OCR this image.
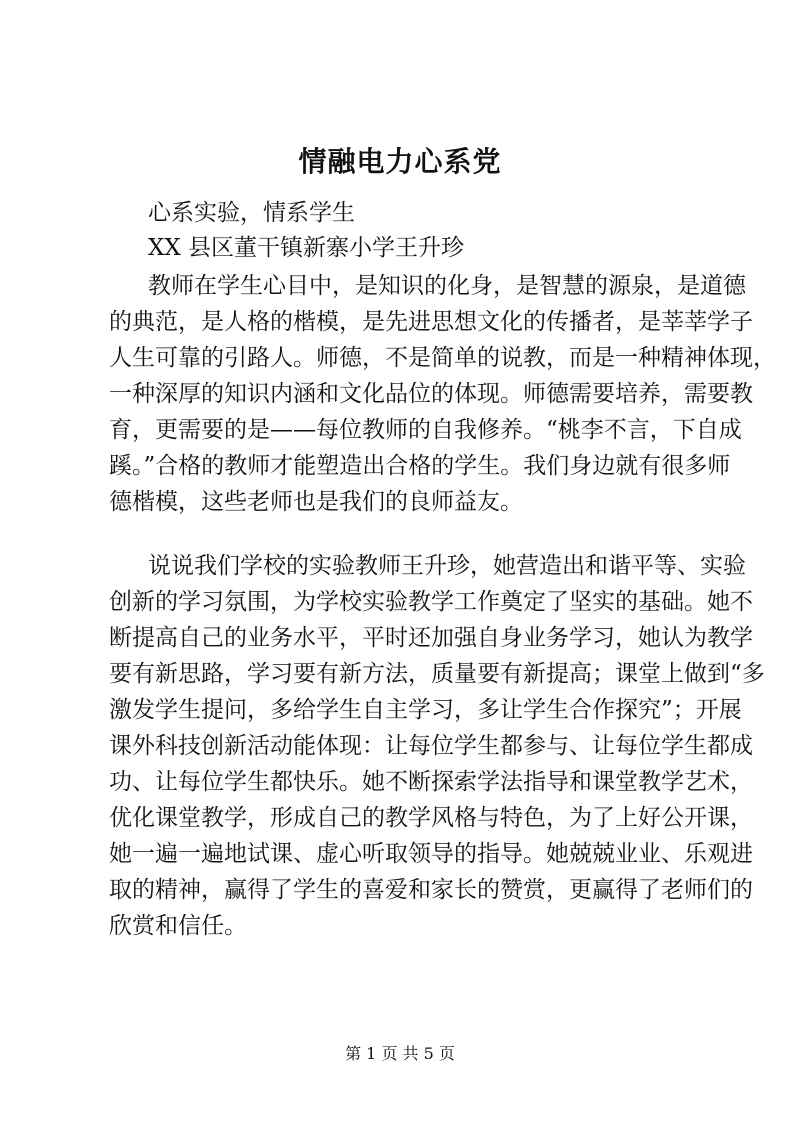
情融电力心系党

心系实验，情系学生

XX 县区董干镇新寨小学王升珍

教师在学生心目中，是知识的化身，是智慧的源泉，是道德

的典范，是人格的楷模，是先进思想文化的传播者，是莘莘学子

人生可靠的引路人。师德，不是简单的说教，而是一种精神体现，

一种深厚的知识内涵和文化品位的体现。师德需要培养，需要教

育，更需要的是——每位教师的自我修养。“桃李不言，下自成

蹊。”合格的教师才能塑造出合格的学生。我们身边就有很多师

德楷模，这些老师也是我们的良师益友。

说说我们学校的实验教师王升珍，她营造出和谐平等、实验

创新的学习氛围，为学校实验教学工作奠定了坚实的基础。她不

断提高自己的业务水平，平时还加强自身业务学习，她认为教学

要有新思路，学习要有新方法，质量要有新提高；课堂上做到“多

激发学生提问，多给学生自主学习，多让学生合作探究”；开展

课外科技创新活动能体现：让每位学生都参与、让每位学生都成

功、让每位学生都快乐。她不断探索学法指导和课堂教学艺术，

优化课堂教学，形成自己的教学风格与特色，为了上好公开课，

她一遍一遍地试课、虚心听取领导的指导。她兢兢业业、乐观进

取的精神，赢得了学生的喜爱和家长的赞赏，更赢得了老师们的

欣赏和信任。

第 1 页 共 5 页
